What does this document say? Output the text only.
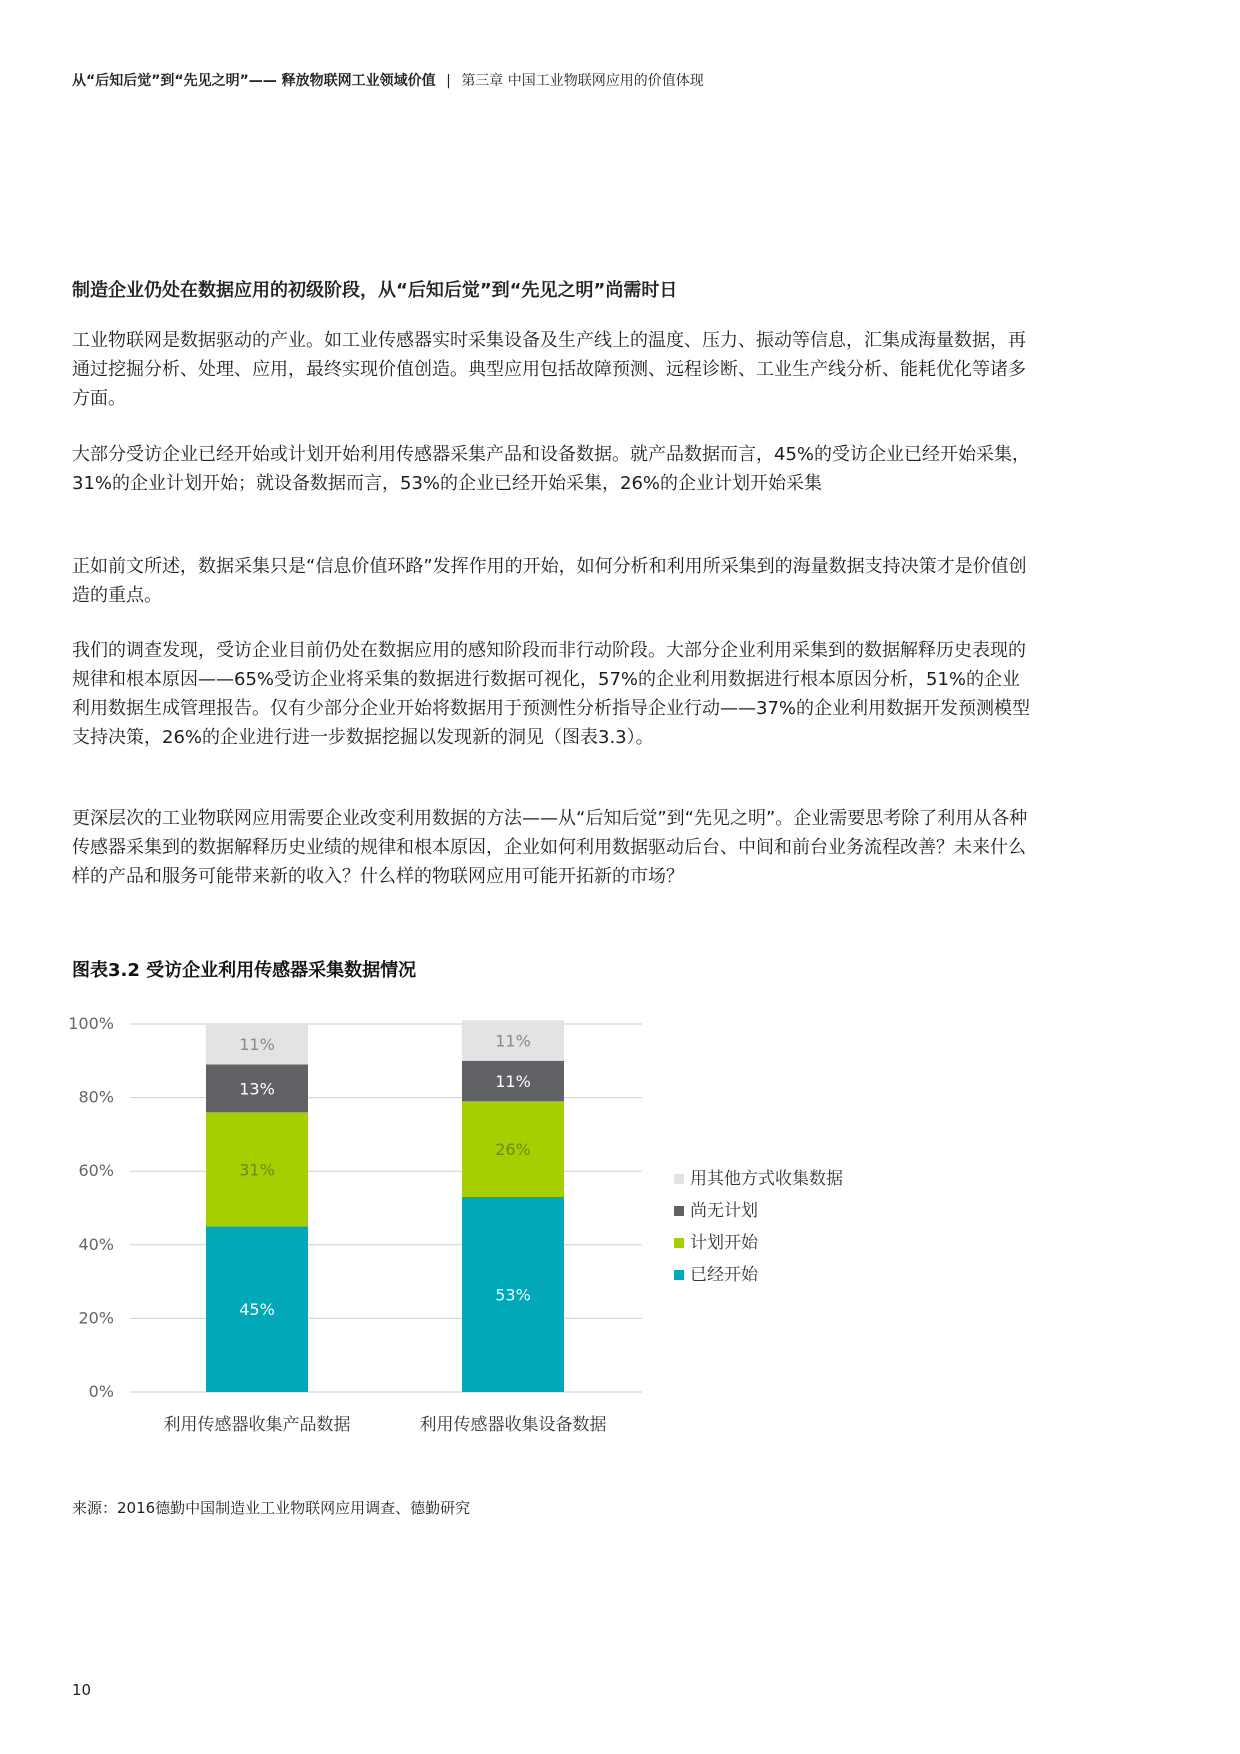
从“后知后觉”到“先见之明”—— 释放物联网工业领域价值 | 第三章 中国工业物联网应用的价值体现
制造企业仍处在数据应用的初级阶段，从“后知后觉”到“先见之明”尚需时日

工业物联网是数据驱动的产业。如工业传感器实时采集设备及生产线上的温度、压力、振动等信息，汇集成海量数据，再通过挖掘分析、处理、应用，最终实现价值创造。典型应用包括故障预测、远程诊断、工业生产线分析、能耗优化等诸多方面。

大部分受访企业已经开始或计划开始利用传感器采集产品和设备数据。就产品数据而言，45%的受访企业已经开始采集，31%的企业计划开始；就设备数据而言，53%的企业已经开始采集，26%的企业计划开始采集

正如前文所述，数据采集只是“信息价值环路”发挥作用的开始，如何分析和利用所采集到的海量数据支持决策才是价值创造的重点。

我们的调查发现，受访企业目前仍处在数据应用的感知阶段而非行动阶段。大部分企业利用采集到的数据解释历史表现的规律和根本原因——65%受访企业将采集的数据进行数据可视化，57%的企业利用数据进行根本原因分析，51%的企业利用数据生成管理报告。仅有少部分企业开始将数据用于预测性分析指导企业行动——37%的企业利用数据开发预测模型支持决策，26%的企业进行进一步数据挖掘以发现新的洞见（图表3.3）。

更深层次的工业物联网应用需要企业改变利用数据的方法——从“后知后觉”到“先见之明”。企业需要思考除了利用从各种传感器采集到的数据解释历史业绩的规律和根本原因，企业如何利用数据驱动后台、中间和前台业务流程改善？未来什么样的产品和服务可能带来新的收入？什么样的物联网应用可能开拓新的市场？

图表3.2 受访企业利用传感器采集数据情况
0%
20%
40%
60%
80%
100%
45%
31%
13%
11%
利用传感器收集产品数据
53%
26%
11%
11%
利用传感器收集设备数据
用其他方式收集数据
尚无计划
计划开始
已经开始
来源：2016德勤中国制造业工业物联网应用调查、德勤研究
10
